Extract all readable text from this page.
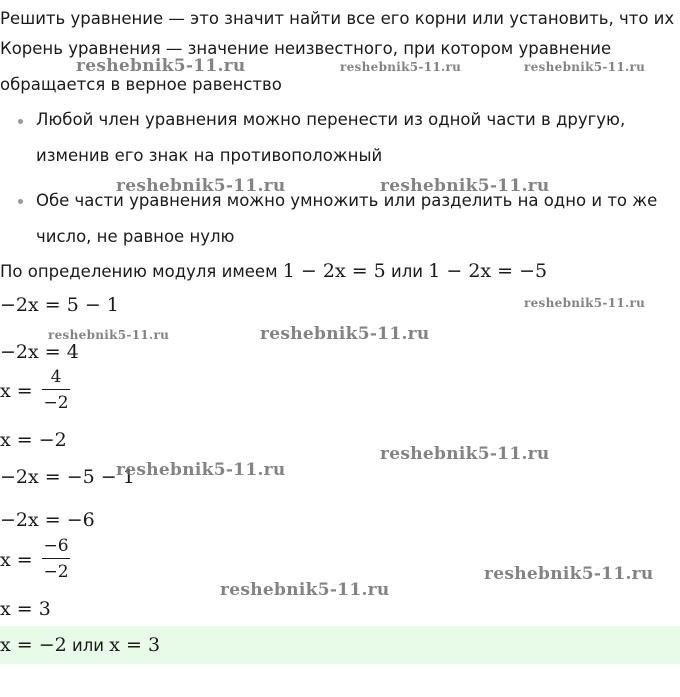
Решить уравнение — это значит найти все его корни или установить, что их
Корень уравнения — значение неизвестного, при котором уравнение
обращается в верное равенство
Любой член уравнения можно перенести из одной части в другую,
изменив его знак на противоположный
Обе части уравнения можно умножить или разделить на одно и то же
число, не равное нулю
По определению модуля имеем 1 − 2x = 5 или 1 − 2x = −5
−2x = 5 − 1
−2x = 4
x =
4
−2
x = −2
−2x = −5 − 1
−2x = −6
x =
−6
−2
x = 3
x = −2 или x = 3
reshebnik5-11.ru	reshebnik5-11.ru	reshebnik5-11.ru
reshebnik5-11.ru	reshebnik5-11.ru
reshebnik5-11.ru
reshebnik5-11.ru	reshebnik5-11.ru
reshebnik5-11.ru
reshebnik5-11.ru
reshebnik5-11.ru
reshebnik5-11.ru
